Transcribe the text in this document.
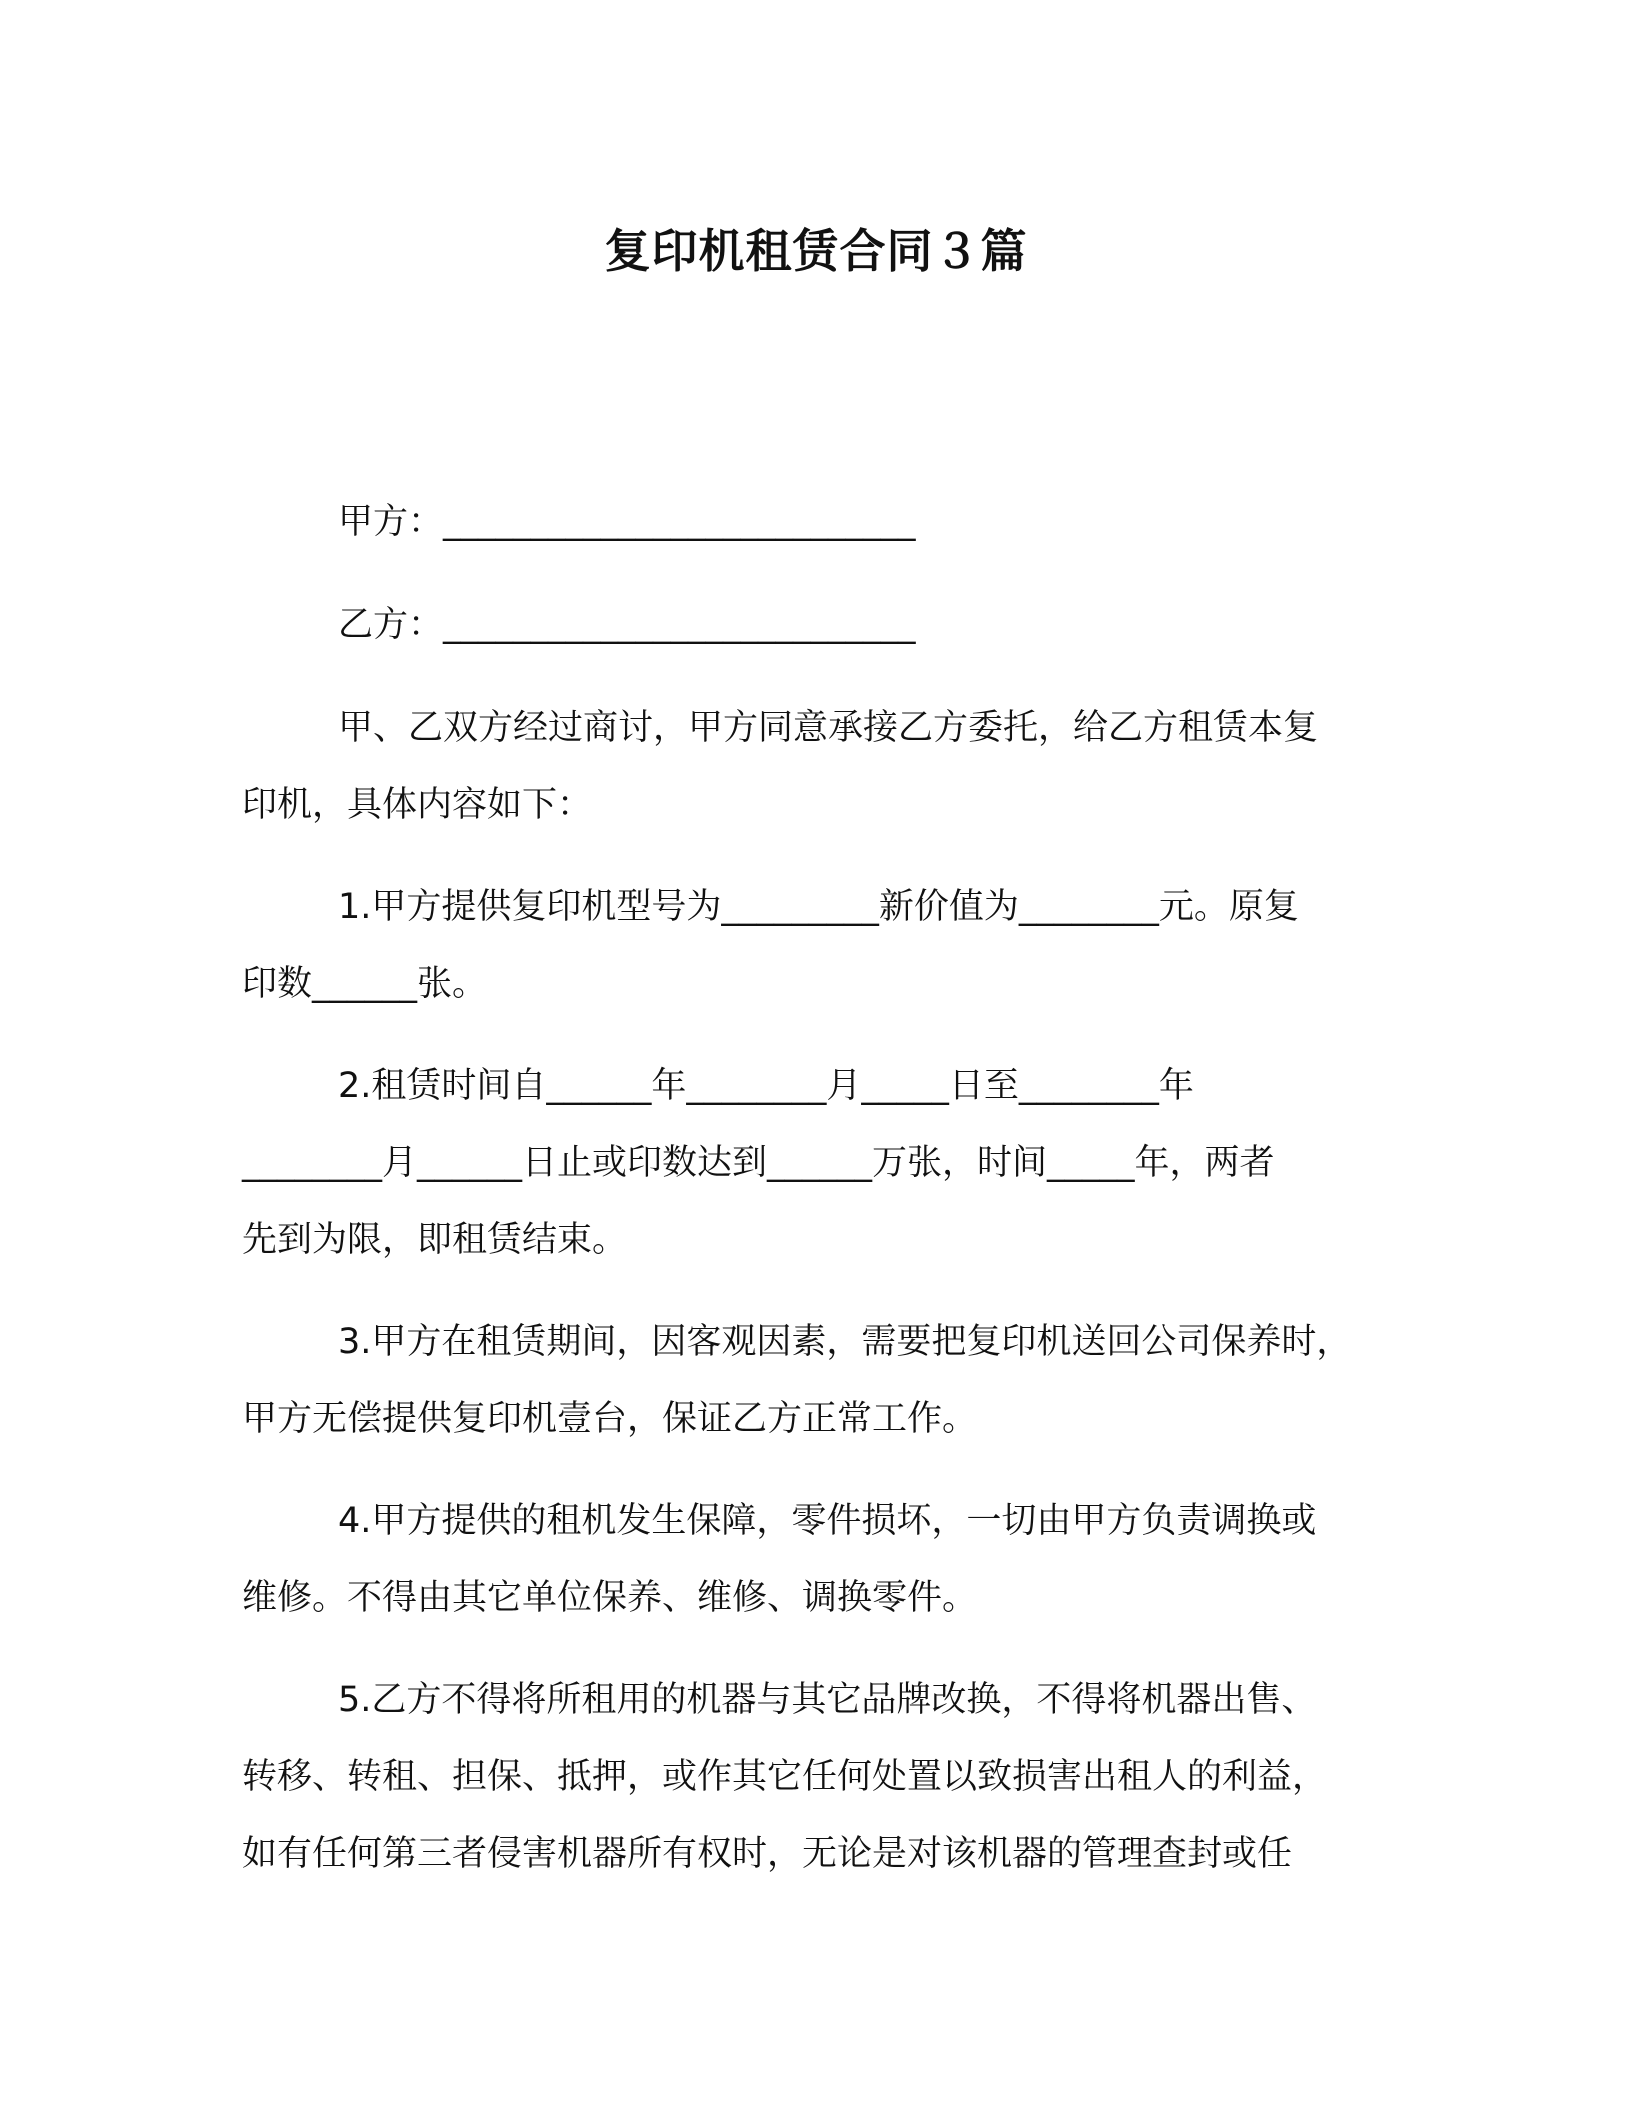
复印机租赁合同３篇
甲方：___________________________
乙方：___________________________
甲、乙双方经过商讨，甲方同意承接乙方委托，给乙方租赁本复
印机，具体内容如下：
1.甲方提供复印机型号为_________新价值为________元。原复
印数______张。
2.租赁时间自______年________月_____日至________年
________月______日止或印数达到______万张，时间_____年，两者
先到为限，即租赁结束。
3.甲方在租赁期间，因客观因素，需要把复印机送回公司保养时，
甲方无偿提供复印机壹台，保证乙方正常工作。
4.甲方提供的租机发生保障，零件损坏，一切由甲方负责调换或
维修。不得由其它单位保养、维修、调换零件。
5.乙方不得将所租用的机器与其它品牌改换，不得将机器出售、
转移、转租、担保、抵押，或作其它任何处置以致损害出租人的利益，
如有任何第三者侵害机器所有权时，无论是对该机器的管理查封或任
